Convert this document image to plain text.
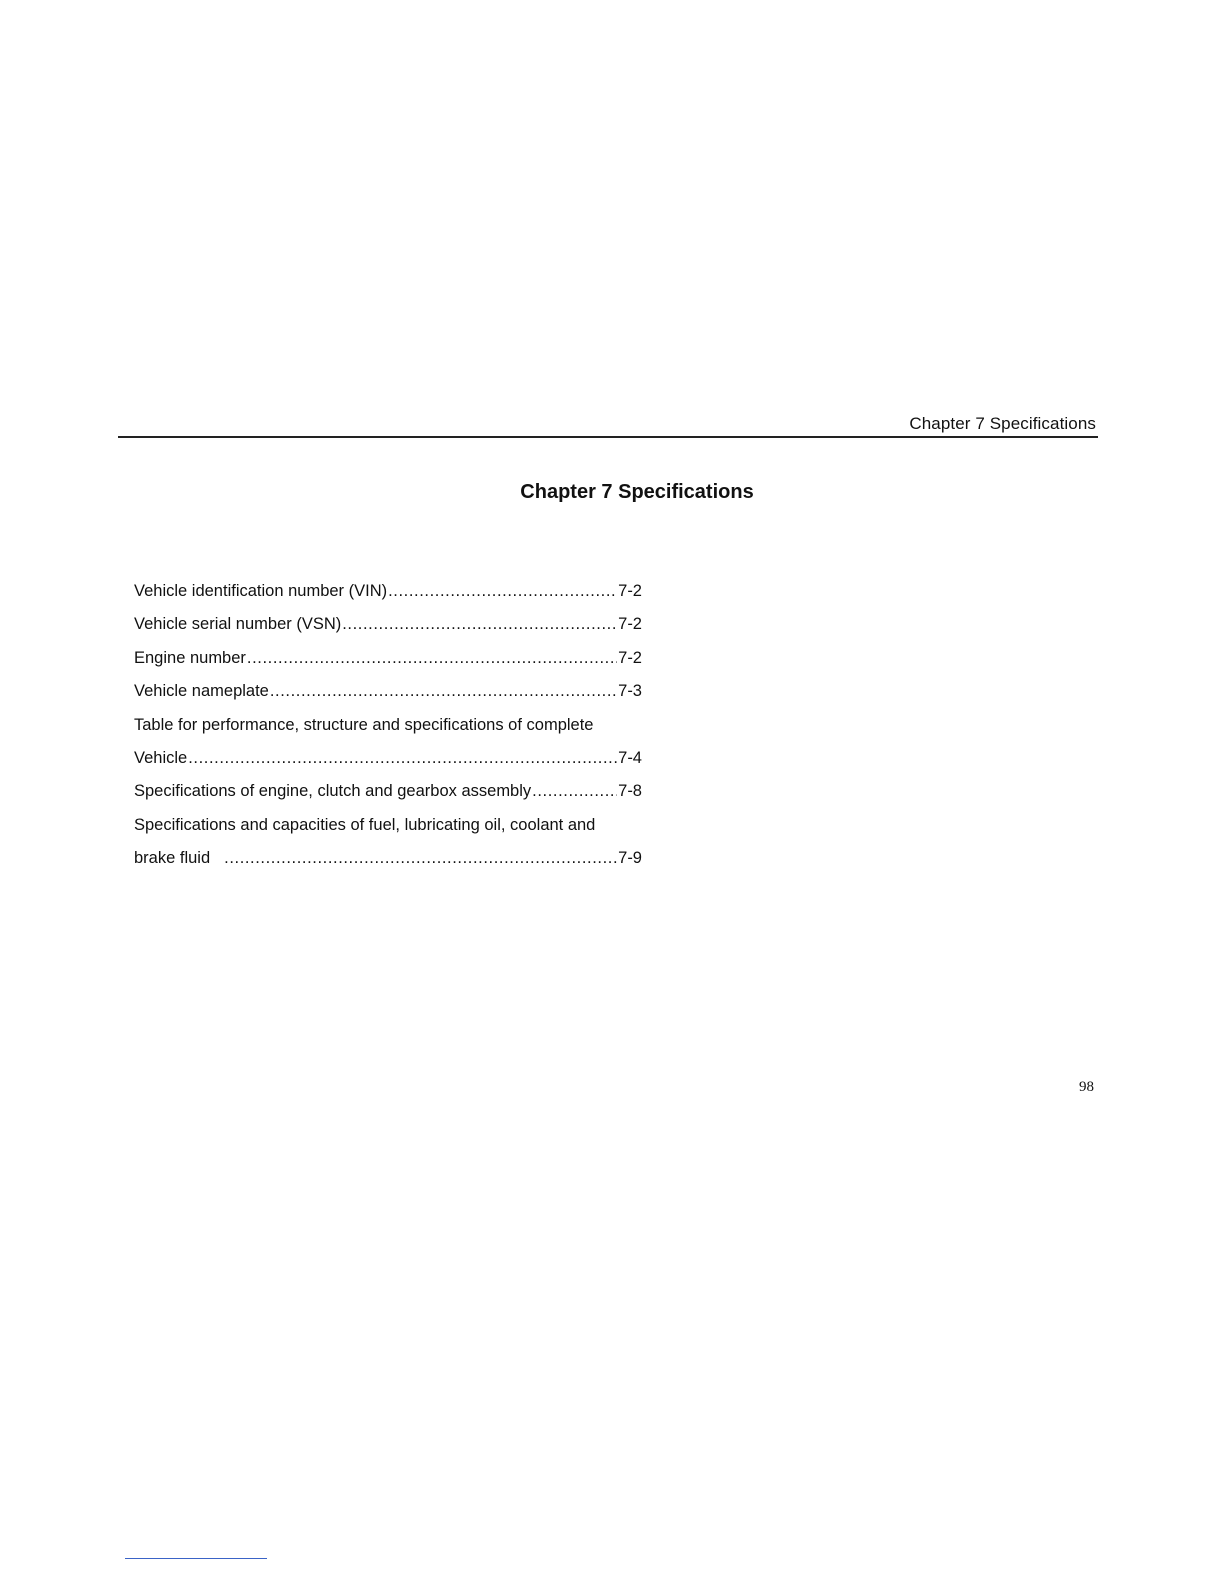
Chapter 7 Specifications
Chapter 7 Specifications
Vehicle identification number (VIN) .....	7-2
Vehicle serial number (VSN) .....	7-2
Engine number .....	7-2
Vehicle nameplate .....	7-3
Table for performance, structure and specifications of complete
Vehicle .....	7-4
Specifications of engine, clutch and gearbox assembly .....	7-8
Specifications and capacities of fuel, lubricating oil, coolant and
brake fluid .....	7-9
98
